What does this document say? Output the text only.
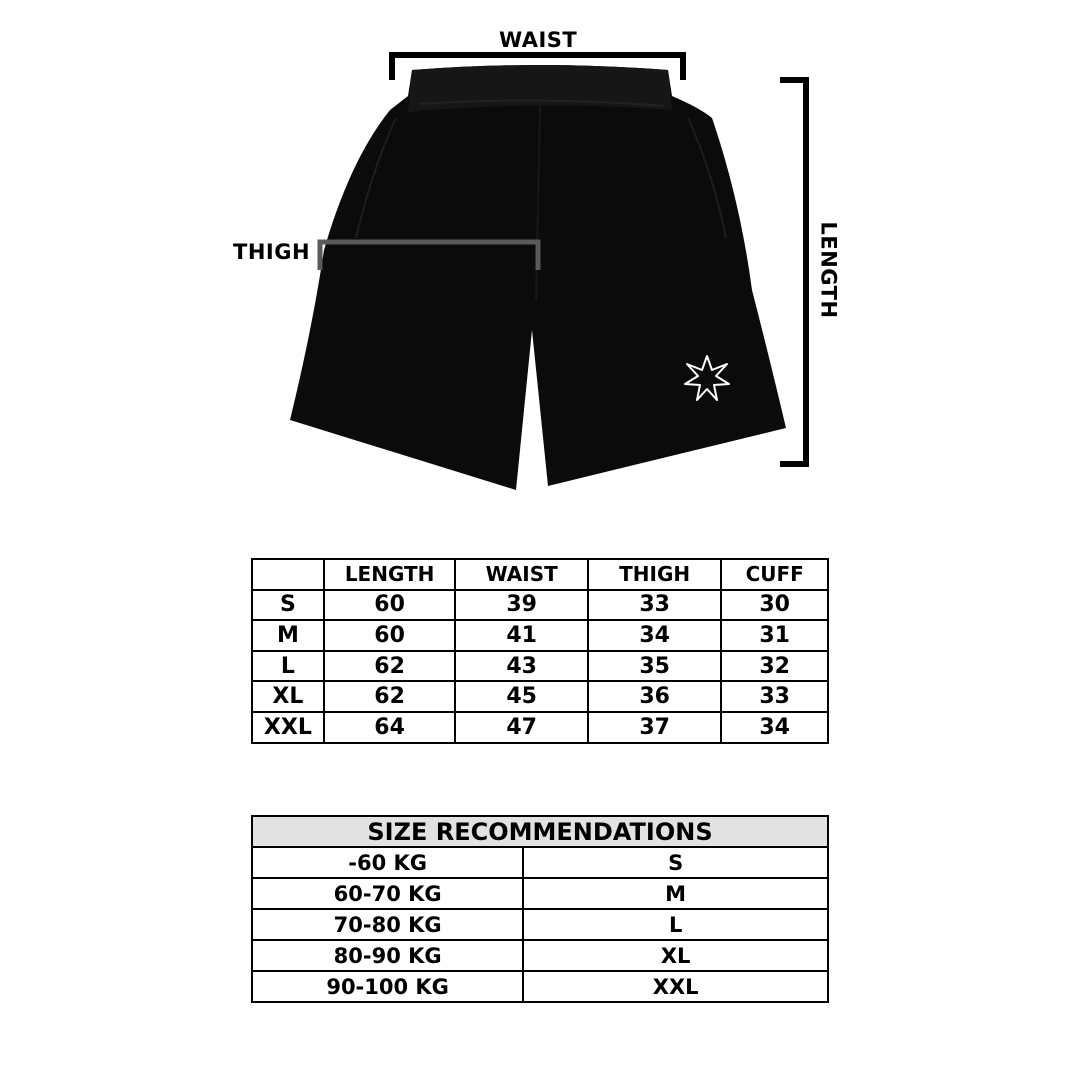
WAIST
THIGH	LENGTH
	LENGTH	WAIST	THIGH	CUFF
S	60	39	33	30
M	60	41	34	31
L	62	43	35	32
XL	62	45	36	33
XXL	64	47	37	34
SIZE RECOMMENDATIONS	
-60 KG	S
60-70 KG	M
70-80 KG	L
80-90 KG	XL
90-100 KG	XXL
